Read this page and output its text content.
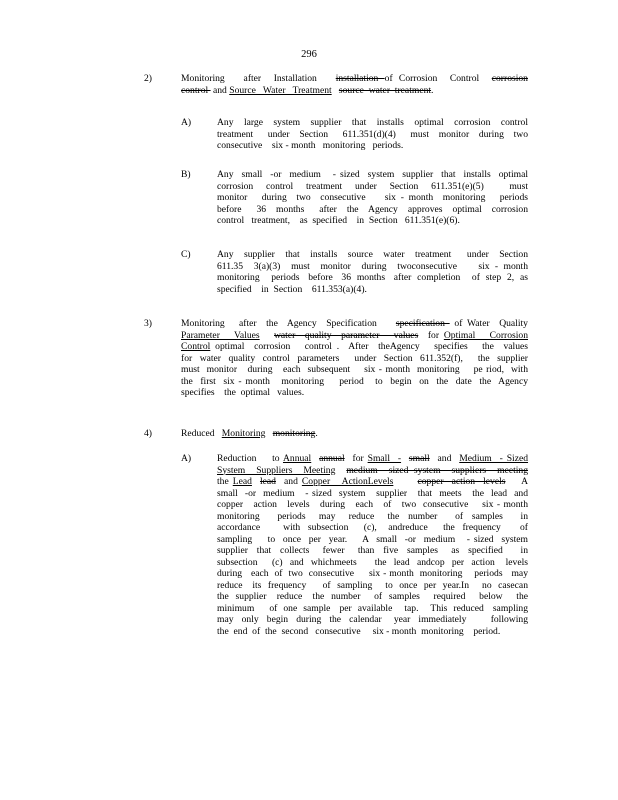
296
2)	Monitoring   after  Installation   installation of Corrosion  Control  corrosion
control  and Source   Water   Treatment source  water  treatment.
A)	Any  large  system  supplier  that  installs  optimal  corrosion  control
treatment   under  Section   611.351(d)(4)   must  monitor  during  two
consecutive    six - month   monitoring   periods.
B)	Any  small  -or  medium   - sized  system  supplier  that  installs  optimal
corrosion  control  treatment  under  Section  611.351(e)(5)    must
monitor   during  two  consecutive    six - month  monitoring   periods
before   36  months   after  the  Agency  approves  optimal  corrosion
control   treatment,    as  specified    in  Section   611.351(e)(6).
C)	Any  supplier  that  installs  source  water  treatment   under  Section
611.35  3(a)(3)  must  monitor  during  twoconsecutive    six - month
monitoring    periods   before   36  months   after  completion    of  step  2,  as
specified    in  Section    611.353(a)(4).
3)	Monitoring   after  the  Agency  Specification    specification  of Water  Quality
Parameter   Values water  quality  parameter   values  for Optimal   Corrosion
Control optimal  corrosion   control .  After  theAgency   specifies   the  values
for  water  quality  control  parameters    under  Section  611.352(f),    the  supplier
must  monitor   during   each  subsequent    six - month  monitoring    pe riod,  with
the  first  six - month   monitoring    period   to  begin  on  the  date  the  Agency
specifies    the  optimal   values.
4)	Reduced   Monitoring monitoring.
A)	Reduction    to Annual annual  for Small  - small  and  Medium  - Sized
System  Suppliers  Meeting medium  sized system  suppliers  meeting
the Lead lead  and Copper   ActionLevels	copper  action  levels    A
small  -or  medium   - sized  system   supplier   that  meets   the  lead  and
copper   action   levels   during   each   of   two  consecutive    six - month
monitoring    periods   may   reduce   the  number    of  samples    in
accordance      with  subsection    (c),   andreduce    the  frequency     of
sampling    to  once  per  year.    A  small  -or  medium   - sized  system
supplier  that  collects   fewer   than  five  samples   as  specified    in
subsection    (c)  and  whichmeets     the  lead  andcop  per  action   levels
during   each  of  two  consecutive     six - month  monitoring    periods   may
reduce   its  frequency     of  sampling    to  once  per  year.In    no  casecan
the  supplier   reduce   the  number    of  samples    required    below    the
minimum     of  one  sample   per  available    tap.    This  reduced   sampling
may  only  begin  during  the  calendar   year  immediately      following
the  end  of  the  second   consecutive     six - month  monitoring    period.
